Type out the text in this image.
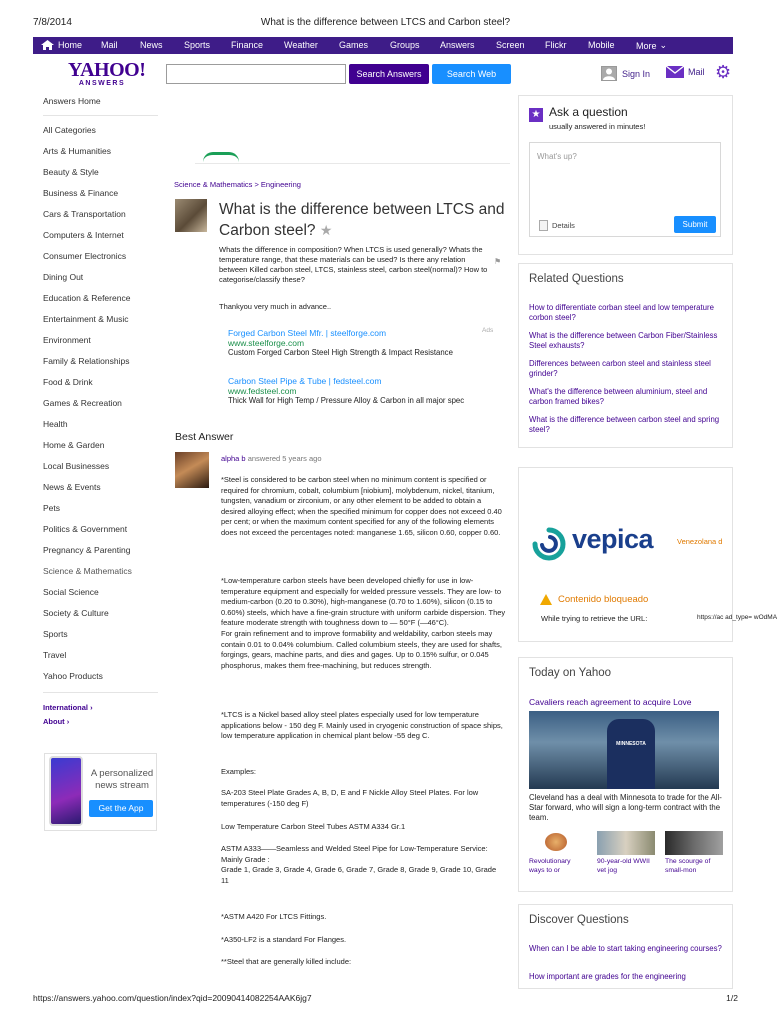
7/8/2014	What is the difference between LTCS and Carbon steel?
Home Mail News Sports Finance Weather Games Groups Answers Screen Flickr Mobile More ⌄
YAHOO!
ANSWERS
Search Answers	Search Web	Sign In	Mail ⚙
Answers Home
All Categories
Arts & Humanities
Beauty & Style
Business & Finance
Cars & Transportation
Computers & Internet
Consumer Electronics
Dining Out
Education & Reference
Entertainment & Music
Environment
Family & Relationships
Food & Drink
Games & Recreation
Health
Home & Garden
Local Businesses
News & Events
Pets
Politics & Government
Pregnancy & Parenting
Science & Mathematics
Social Science
Society & Culture
Sports
Travel
Yahoo Products
International ›
About ›
A personalized news stream
Get the App
Science & Mathematics > Engineering
What is the difference between LTCS and Carbon steel? ★
Whats the difference in composition? When LTCS is used generally? Whats the temperature range, that these materials can be used? Is there any relation between Killed carbon steel, LTCS, stainless steel, carbon steel(normal)? How to categorise/classify these?
⚑
Thankyou very much in advance..
Ads
Forged Carbon Steel Mfr. | steelforge.com
www.steelforge.com
Custom Forged Carbon Steel High Strength & Impact Resistance
Carbon Steel Pipe & Tube | fedsteel.com
www.fedsteel.com
Thick Wall for High Temp / Pressure Alloy & Carbon in all major spec
Best Answer
alpha b answered 5 years ago
*Steel is considered to be carbon steel when no minimum content is specified or required for chromium, cobalt, columbium [niobium], molybdenum, nickel, titanium, tungsten, vanadium or zirconium, or any other element to be added to obtain a desired alloying effect; when the specified minimum for copper does not exceed 0.40 per cent; or when the maximum content specified for any of the following elements does not exceed the percentages noted: manganese 1.65, silicon 0.60, copper 0.60.
*Low-temperature carbon steels have been developed chiefly for use in low-temperature equipment and especially for welded pressure vessels. They are low- to medium-carbon (0.20 to 0.30%), high-manganese (0.70 to 1.60%), silicon (0.15 to 0.60%) steels, which have a fine-grain structure with uniform carbide dispersion. They feature moderate strength with toughness down to — 50°F (—46°C).
For grain refinement and to improve formability and weldability, carbon steels may contain 0.01 to 0.04% columbium. Called columbium steels, they are used for shafts, forgings, gears, machine parts, and dies and gages. Up to 0.15% sulfur, or 0.045 phosphorus, makes them free-machining, but reduces strength.
*LTCS is a Nickel based alloy steel plates especially used for low temperature applications below - 150 deg F. Mainly used in cryogenic construction of space ships, low temperature application in chemical plant below -55 deg C.
Examples:
SA-203 Steel Plate Grades A, B, D, E and F Nickle Alloy Steel Plates. For low temperatures (-150 deg F)
Low Temperature Carbon Steel Tubes ASTM A334 Gr.1
ASTM A333——Seamless and Welded Steel Pipe for Low-Temperature Service:
Mainly Grade :
Grade 1, Grade 3, Grade 4, Grade 6, Grade 7, Grade 8, Grade 9, Grade 10, Grade 11
*ASTM A420 For LTCS Fittings.
*A350-LF2 is a standard For Flanges.
**Steel that are generally killed include:
★ Ask a question
usually answered in minutes!
What's up?
Details	Submit
Related Questions
How to differentiate corban steel and low temperature corbon steel?
What is the difference between Carbon Fiber/Stainless Steel exhausts?
Differences between carbon steel and stainless steel grinder?
What's the difference between aluminium, steel and carbon framed bikes?
What is the difference between carbon steel and spring steel?
vepica	Venezolana d
Contenido bloqueado
While trying to retrieve the URL:	https://ac ad_type= wOdMA
Today on Yahoo
Cavaliers reach agreement to acquire Love
MINNESOTA
Cleveland has a deal with Minnesota to trade for the All-Star forward, who will sign a long-term contract with the team.
Revolutionary ways to or
90-year-old WWII vet jog
The scourge of small-mon
Discover Questions
When can I be able to start taking engineering courses?
How important are grades for the engineering
https://answers.yahoo.com/question/index?qid=20090414082254AAK6jg7	1/2
